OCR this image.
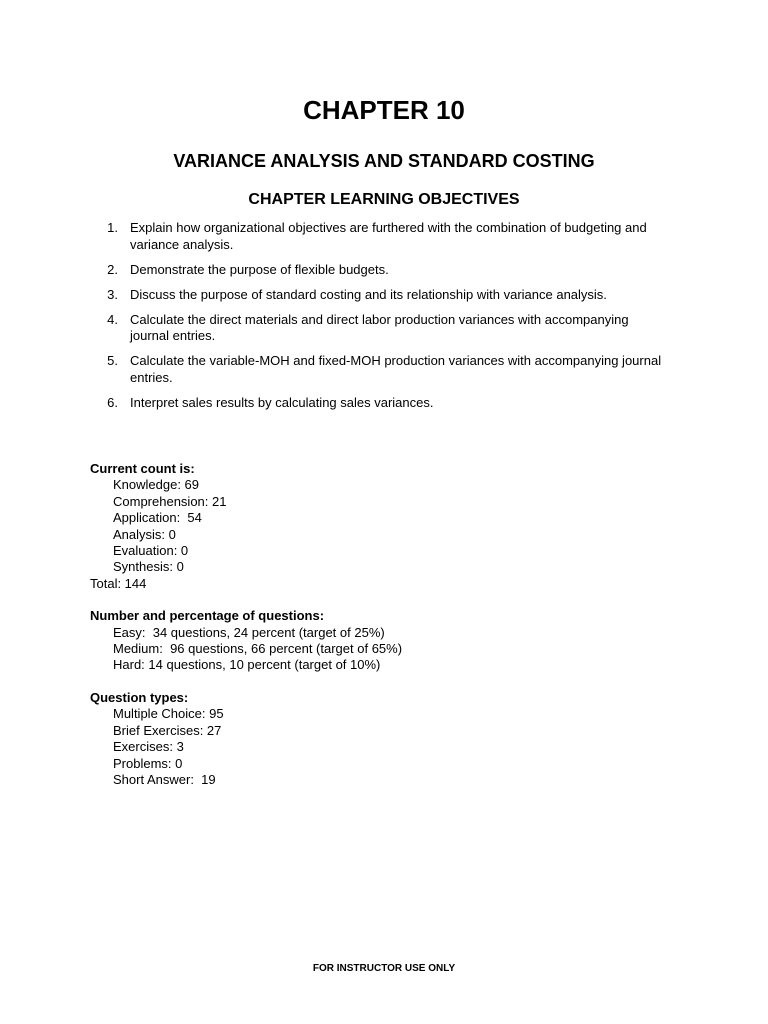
CHAPTER 10
VARIANCE ANALYSIS AND STANDARD COSTING
CHAPTER LEARNING OBJECTIVES
1. Explain how organizational objectives are furthered with the combination of budgeting and variance analysis.
2. Demonstrate the purpose of flexible budgets.
3. Discuss the purpose of standard costing and its relationship with variance analysis.
4. Calculate the direct materials and direct labor production variances with accompanying journal entries.
5. Calculate the variable-MOH and fixed-MOH production variances with accompanying journal entries.
6. Interpret sales results by calculating sales variances.
Current count is:
Knowledge: 69
Comprehension: 21
Application:  54
Analysis: 0
Evaluation: 0
Synthesis: 0
Total: 144
Number and percentage of questions:
Easy:  34 questions, 24 percent (target of 25%)
Medium:  96 questions, 66 percent (target of 65%)
Hard: 14 questions, 10 percent (target of 10%)
Question types:
Multiple Choice: 95
Brief Exercises: 27
Exercises: 3
Problems: 0
Short Answer:  19
FOR INSTRUCTOR USE ONLY
